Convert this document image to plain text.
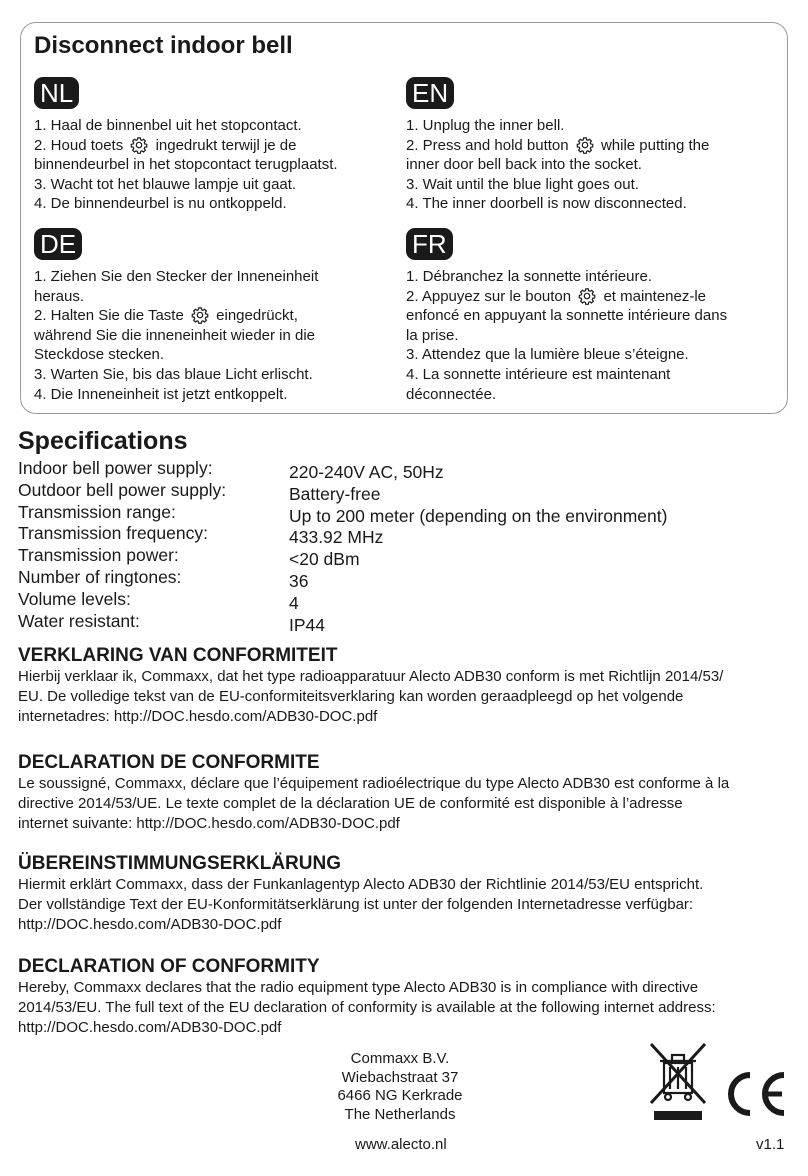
Disconnect indoor bell
NL
1. Haal de binnenbel uit het stopcontact.
2. Houd toets  ingedrukt terwijl je de
binnendeurbel in het stopcontact terugplaatst.
3. Wacht tot het blauwe lampje uit gaat.
4. De binnendeurbel is nu ontkoppeld.
EN
1. Unplug the inner bell.
2. Press and hold button  while putting the
inner door bell back into the socket.
3. Wait until the blue light goes out.
4. The inner doorbell is now disconnected.
DE
1. Ziehen Sie den Stecker der Inneneinheit
heraus.
2. Halten Sie die Taste  eingedrückt,
während Sie die inneneinheit wieder in die
Steckdose stecken.
3. Warten Sie, bis das blaue Licht erlischt.
4. Die Inneneinheit ist jetzt entkoppelt.
FR
1. Débranchez la sonnette intérieure.
2. Appuyez sur le bouton  et maintenez-le
enfoncé en appuyant la sonnette intérieure dans
la prise.
3. Attendez que la lumière bleue s’éteigne.
4. La sonnette intérieure est maintenant
déconnectée.
Specifications
Indoor bell power supply:	220-240V AC, 50Hz
Outdoor bell power supply:	Battery-free
Transmission range:	Up to 200 meter (depending on the environment)
Transmission frequency:	433.92 MHz
Transmission power:	<20 dBm
Number of ringtones:	36
Volume levels:	4
Water resistant:	IP44
VERKLARING VAN CONFORMITEIT

Hierbij verklaar ik, Commaxx, dat het type radioapparatuur Alecto ADB30 conform is met Richtlijn 2014/53/

EU. De volledige tekst van de EU-conformiteitsverklaring kan worden geraadpleegd op het volgende

internetadres: http://DOC.hesdo.com/ADB30-DOC.pdf

DECLARATION DE CONFORMITE

Le soussigné, Commaxx, déclare que l’équipement radioélectrique du type Alecto ADB30 est conforme à la

directive 2014/53/UE. Le texte complet de la déclaration UE de conformité est disponible à l’adresse

internet suivante: http://DOC.hesdo.com/ADB30-DOC.pdf

ÜBEREINSTIMMUNGSERKLÄRUNG

Hiermit erklärt Commaxx, dass der Funkanlagentyp Alecto ADB30 der Richtlinie 2014/53/EU entspricht.

Der vollständige Text der EU-Konformitätserklärung ist unter der folgenden Internetadresse verfügbar:

http://DOC.hesdo.com/ADB30-DOC.pdf

DECLARATION OF CONFORMITY

Hereby, Commaxx declares that the radio equipment type Alecto ADB30 is in compliance with directive

2014/53/EU. The full text of the EU declaration of conformity is available at the following internet address:

http://DOC.hesdo.com/ADB30-DOC.pdf

Commaxx B.V.
Wiebachstraat 37
6466 NG Kerkrade
The Netherlands
www.alecto.nl	v1.1
